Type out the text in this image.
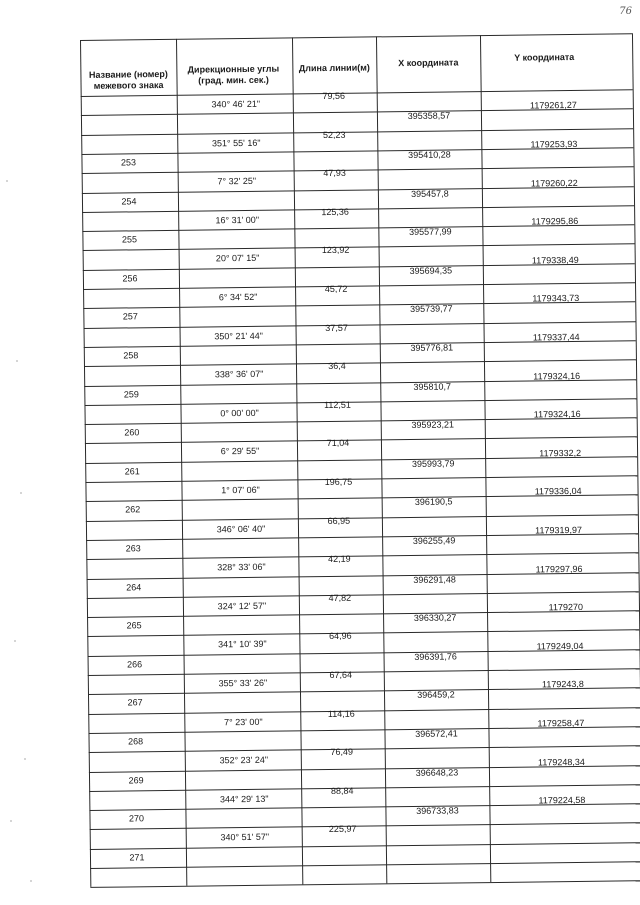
76
Название (номер) межевого знака
Дирекционные углы (град. мин. сек.)
Длина линии(м)	X координата
Y координата
340° 46' 21"
79,56
351° 55' 16"
52,23
7° 32' 25"
47,93
16° 31' 00"
125,36
20° 07' 15"
123,92
6° 34' 52"
45,72
350° 21' 44"
37,57
338° 36' 07"
36,4
0° 00' 00"
112,51
6° 29' 55"
71,04
1° 07' 06"
196,75
346° 06' 40"
66,95
328° 33' 06"
42,19
324° 12' 57"
47,82
341° 10' 39"
64,96
355° 33' 26"
67,64
7° 23' 00"
114,16
352° 23' 24"
76,49
344° 29' 13"
88,84
340° 51' 57"
225,97
395358,57
1179261,27
253
395410,28
1179253,93
254
395457,8
1179260,22
255
395577,99
1179295,86
256
395694,35
1179338,49
257
395739,77
1179343,73
258
395776,81
1179337,44
259
395810,7
1179324,16
260
395923,21
1179324,16
261
395993,79
1179332,2
262
396190,5
1179336,04
263
396255,49
1179319,97
264
396291,48
1179297,96
265
396330,27
1179270
266
396391,76
1179249,04
267
396459,2
1179243,8
268
396572,41
1179258,47
269
396648,23
1179248,34
270
396733,83
1179224,58
271
